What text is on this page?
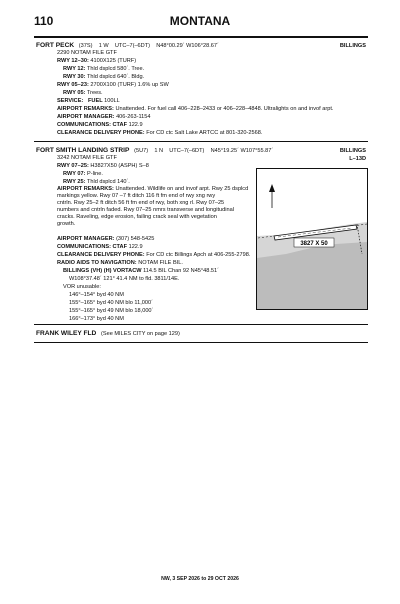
110	MONTANA
FORT PECK (37S) 1 W UTC–7(–6DT) N48°00.29´ W106°28.67´	BILLINGS
2290 NOTAM FILE GTF
RWY 12–30: 4100X125 (TURF)
RWY 12: Thld dsplcd 580´. Tree.
RWY 30: Thld dsplcd 640´. Bldg.
RWY 05–23: 2700X100 (TURF) 1.6% up SW
RWY 05: Trees.
SERVICE: FUEL 100LL
AIRPORT REMARKS: Unattended. For fuel call 406–228–2433 or 406–228–4848. Ultralights on and invof arpt.
AIRPORT MANAGER: 406-263-1154
COMMUNICATIONS: CTAF 122.9
CLEARANCE DELIVERY PHONE: For CD ctc Salt Lake ARTCC at 801-320-2568.
FORT SMITH LANDING STRIP (5U7) 1 N UTC–7(–6DT) N45°19.25´ W107°55.87´	BILLINGS
L–13D
3242 NOTAM FILE GTF
RWY 07–25: H3827X50 (ASPH) S–8
RWY 07: P-line.
RWY 25: Thld dsplcd 140´.
AIRPORT REMARKS: Unattended. Wildlife on and invof arpt. Rwy 25 dsplcd
markings yellow. Rwy 07 –7 ft ditch 116 ft fm end of rwy xng rwy
cntrln. Rwy 25–2 ft ditch 56 ft fm end of rwy, both xng rl. Rwy 07–25
numbers and cntrln faded. Rwy 07–25 nmrs transverse and longitudinal
cracks. Raveling, edge erosion, failing crack seal with vegetation
growth.
AIRPORT MANAGER: (307) 548-5425
COMMUNICATIONS: CTAF 122.9
CLEARANCE DELIVERY PHONE: For CD ctc Billings Apch at 406-255-2798.
RADIO AIDS TO NAVIGATION: NOTAM FILE BIL.
BILLINGS (VH) (H) VORTACW 114.5 BIL Chan 92 N45°48.51´
W108°37.48´ 121° 41.4 NM to fld. 3811/14E.
VOR unusable:
146°–154° byd 40 NM
155°–165° byd 40 NM blo 11,000´
155°–165° byd 49 NM blo 18,000´
166°–173° byd 40 NM
3827 X 50
FRANK WILEY FLD (See MILES CITY on page 129)
NW, 3 SEP 2026 to 29 OCT 2026
